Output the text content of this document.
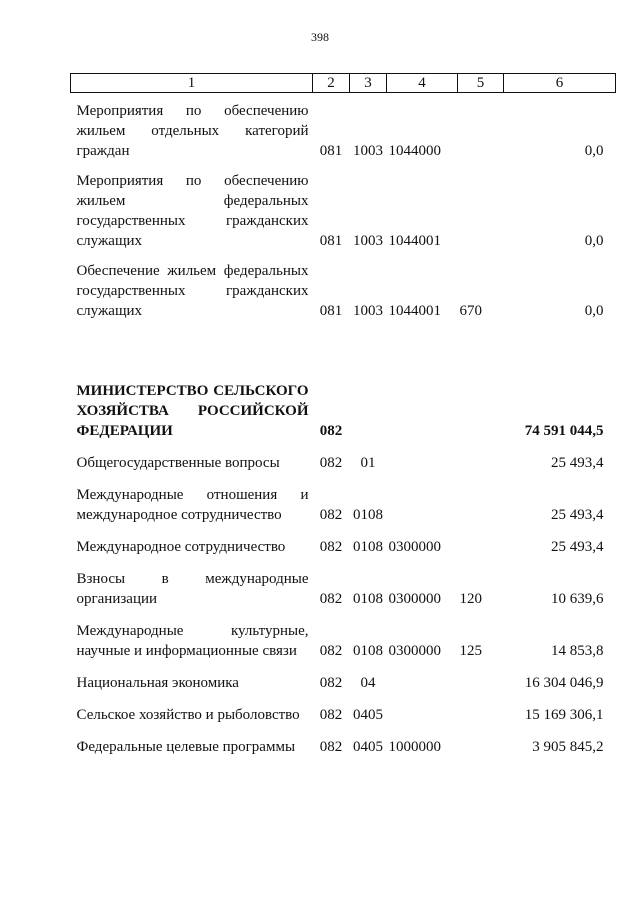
398
1	2	3	4	5	6
Мероприятия по обеспечению жильем отдельных категорий граждан	081	1003	1044000		0,0
Мероприятия по обеспечению жильем федеральных государственных гражданских служащих	081	1003	1044001		0,0
Обеспечение жильем федеральных государственных гражданских служащих	081	1003	1044001	670	0,0
МИНИСТЕРСТВО СЕЛЬСКОГО ХОЗЯЙСТВА РОССИЙСКОЙ ФЕДЕРАЦИИ	082				74 591 044,5
Общегосударственные вопросы	082	01			25 493,4
Международные отношения и международное сотрудничество	082	0108			25 493,4
Международное сотрудничество	082	0108	0300000		25 493,4
Взносы в международные организации	082	0108	0300000	120	10 639,6
Международные культурные, научные и информационные связи	082	0108	0300000	125	14 853,8
Национальная экономика	082	04			16 304 046,9
Сельское хозяйство и рыболовство	082	0405			15 169 306,1
Федеральные целевые программы	082	0405	1000000		3 905 845,2
